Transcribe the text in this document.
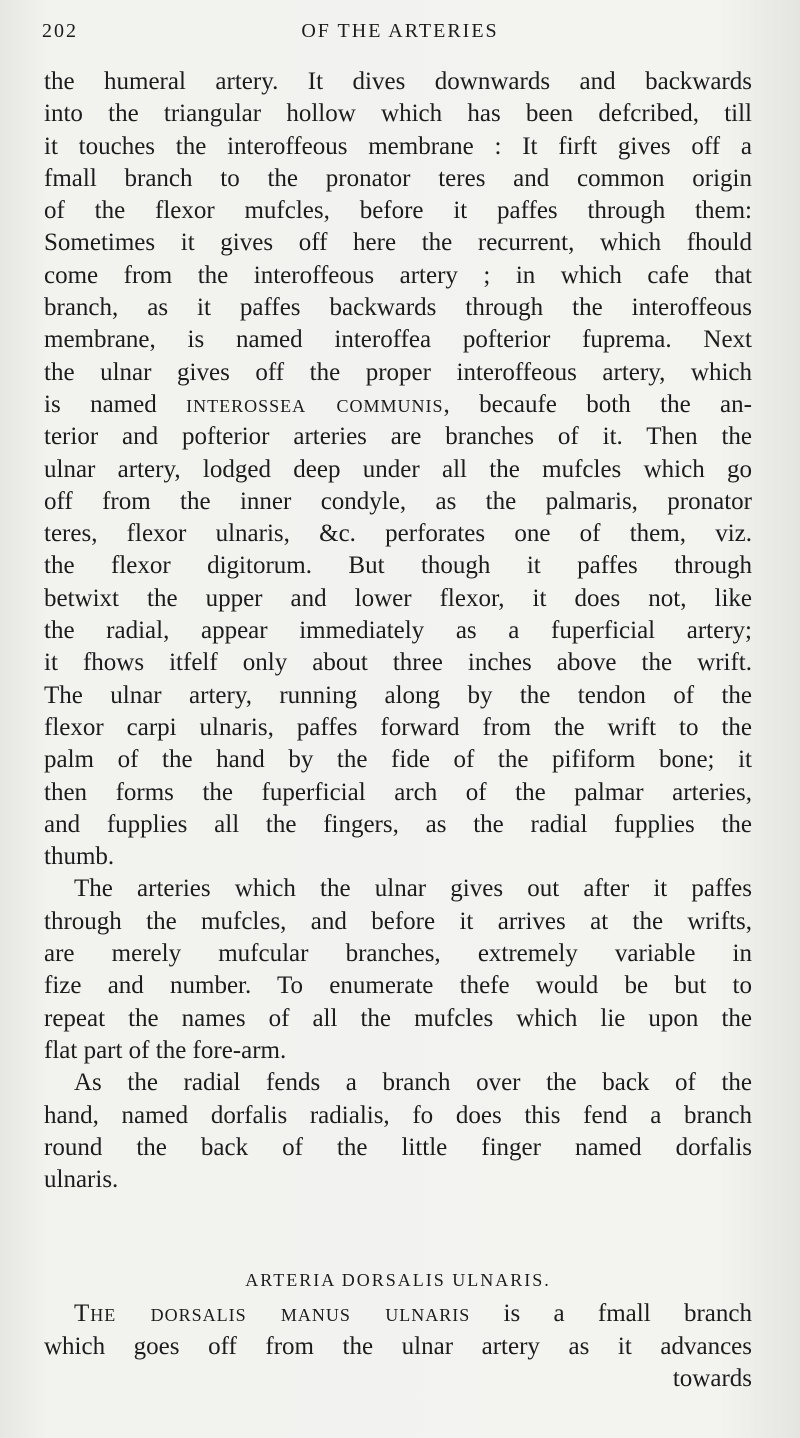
202	OF THE ARTERIES
the humeral artery. It dives downwards and backwards
into the triangular hollow which has been defcribed, till
it touches the interoffeous membrane : It firft gives off a
fmall branch to the pronator teres and common origin
of the flexor mufcles, before it paffes through them:
Sometimes it gives off here the recurrent, which fhould
come from the interoffeous artery ; in which cafe that
branch, as it paffes backwards through the interoffeous
membrane, is named interoffea pofterior fuprema. Next
the ulnar gives off the proper interoffeous artery, which
is named interossea communis, becaufe both the an-
terior and pofterior arteries are branches of it. Then the
ulnar artery, lodged deep under all the mufcles which go
off from the inner condyle, as the palmaris, pronator
teres, flexor ulnaris, &c. perforates one of them, viz.
the flexor digitorum. But though it paffes through
betwixt the upper and lower flexor, it does not, like
the radial, appear immediately as a fuperficial artery;
it fhows itfelf only about three inches above the wrift.
The ulnar artery, running along by the tendon of the
flexor carpi ulnaris, paffes forward from the wrift to the
palm of the hand by the fide of the pifiform bone; it
then forms the fuperficial arch of the palmar arteries,
and fupplies all the fingers, as the radial fupplies the
thumb.
The arteries which the ulnar gives out after it paffes
through the mufcles, and before it arrives at the wrifts,
are merely mufcular branches, extremely variable in
fize and number. To enumerate thefe would be but to
repeat the names of all the mufcles which lie upon the
flat part of the fore-arm.
As the radial fends a branch over the back of the
hand, named dorfalis radialis, fo does this fend a branch
round the back of the little finger named dorfalis
ulnaris.
ARTERIA DORSALIS ULNARIS.
The dorsalis manus ulnaris is a fmall branch
which goes off from the ulnar artery as it advances
towards
